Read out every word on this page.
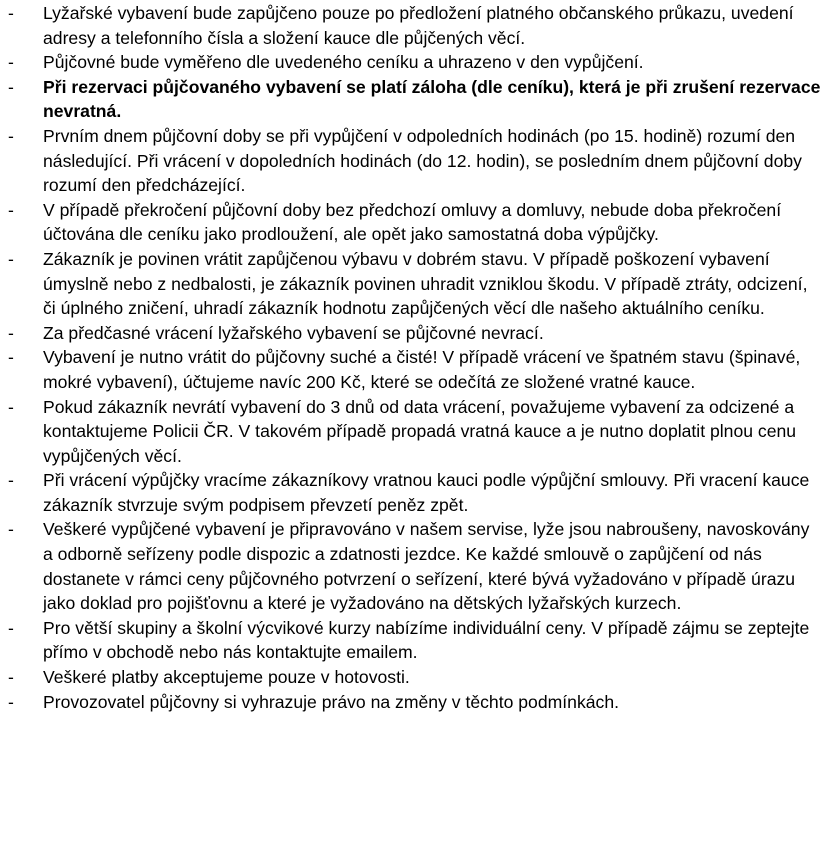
-	Lyžařské vybavení bude zapůjčeno pouze po předložení platného občanského průkazu, uvedení adresy a telefonního čísla a složení kauce dle půjčených věcí.
-	Půjčovné bude vyměřeno dle uvedeného ceníku a uhrazeno v den vypůjčení.
-	Při rezervaci půjčovaného vybavení se platí záloha (dle ceníku), která je při zrušení rezervace nevratná.
-	Prvním dnem půjčovní doby se při vypůjčení v odpoledních hodinách (po 15. hodině) rozumí den následující. Při vrácení v dopoledních hodinách (do 12. hodin), se posledním dnem půjčovní doby rozumí den předcházející.
-	V případě překročení půjčovní doby bez předchozí omluvy a domluvy, nebude doba překročení účtována dle ceníku jako prodloužení, ale opět jako samostatná doba výpůjčky.
-	Zákazník je povinen vrátit zapůjčenou výbavu v dobrém stavu. V případě poškození vybavení úmyslně nebo z nedbalosti, je zákazník povinen uhradit vzniklou škodu. V případě ztráty, odcizení, či úplného zničení, uhradí zákazník hodnotu zapůjčených věcí dle našeho aktuálního ceníku.
-	Za předčasné vrácení lyžařského vybavení se půjčovné nevrací.
-	Vybavení je nutno vrátit do půjčovny suché a čisté! V případě vrácení ve špatném stavu (špinavé, mokré vybavení), účtujeme navíc 200 Kč, které se odečítá ze složené vratné kauce.
-	Pokud zákazník nevrátí vybavení do 3 dnů od data vrácení, považujeme vybavení za odcizené a kontaktujeme Policii ČR. V takovém případě propadá vratná kauce a je nutno doplatit plnou cenu vypůjčených věcí.
-	Při vrácení výpůjčky vracíme zákazníkovy vratnou kauci podle výpůjční smlouvy. Při vracení kauce zákazník stvrzuje svým podpisem převzetí peněz zpět.
-	Veškeré vypůjčené vybavení je připravováno v našem servise, lyže jsou nabroušeny, navoskovány a odborně seřízeny podle dispozic a zdatnosti jezdce. Ke každé smlouvě o zapůjčení od nás dostanete v rámci ceny půjčovného potvrzení o seřízení, které bývá vyžadováno v případě úrazu jako doklad pro pojišťovnu a které je vyžadováno na dětských lyžařských kurzech.
-	Pro větší skupiny a školní výcvikové kurzy nabízíme individuální ceny. V případě zájmu se zeptejte přímo v obchodě nebo nás kontaktujte emailem.
-	Veškeré platby akceptujeme pouze v hotovosti.
-	Provozovatel půjčovny si vyhrazuje právo na změny v těchto podmínkách.
